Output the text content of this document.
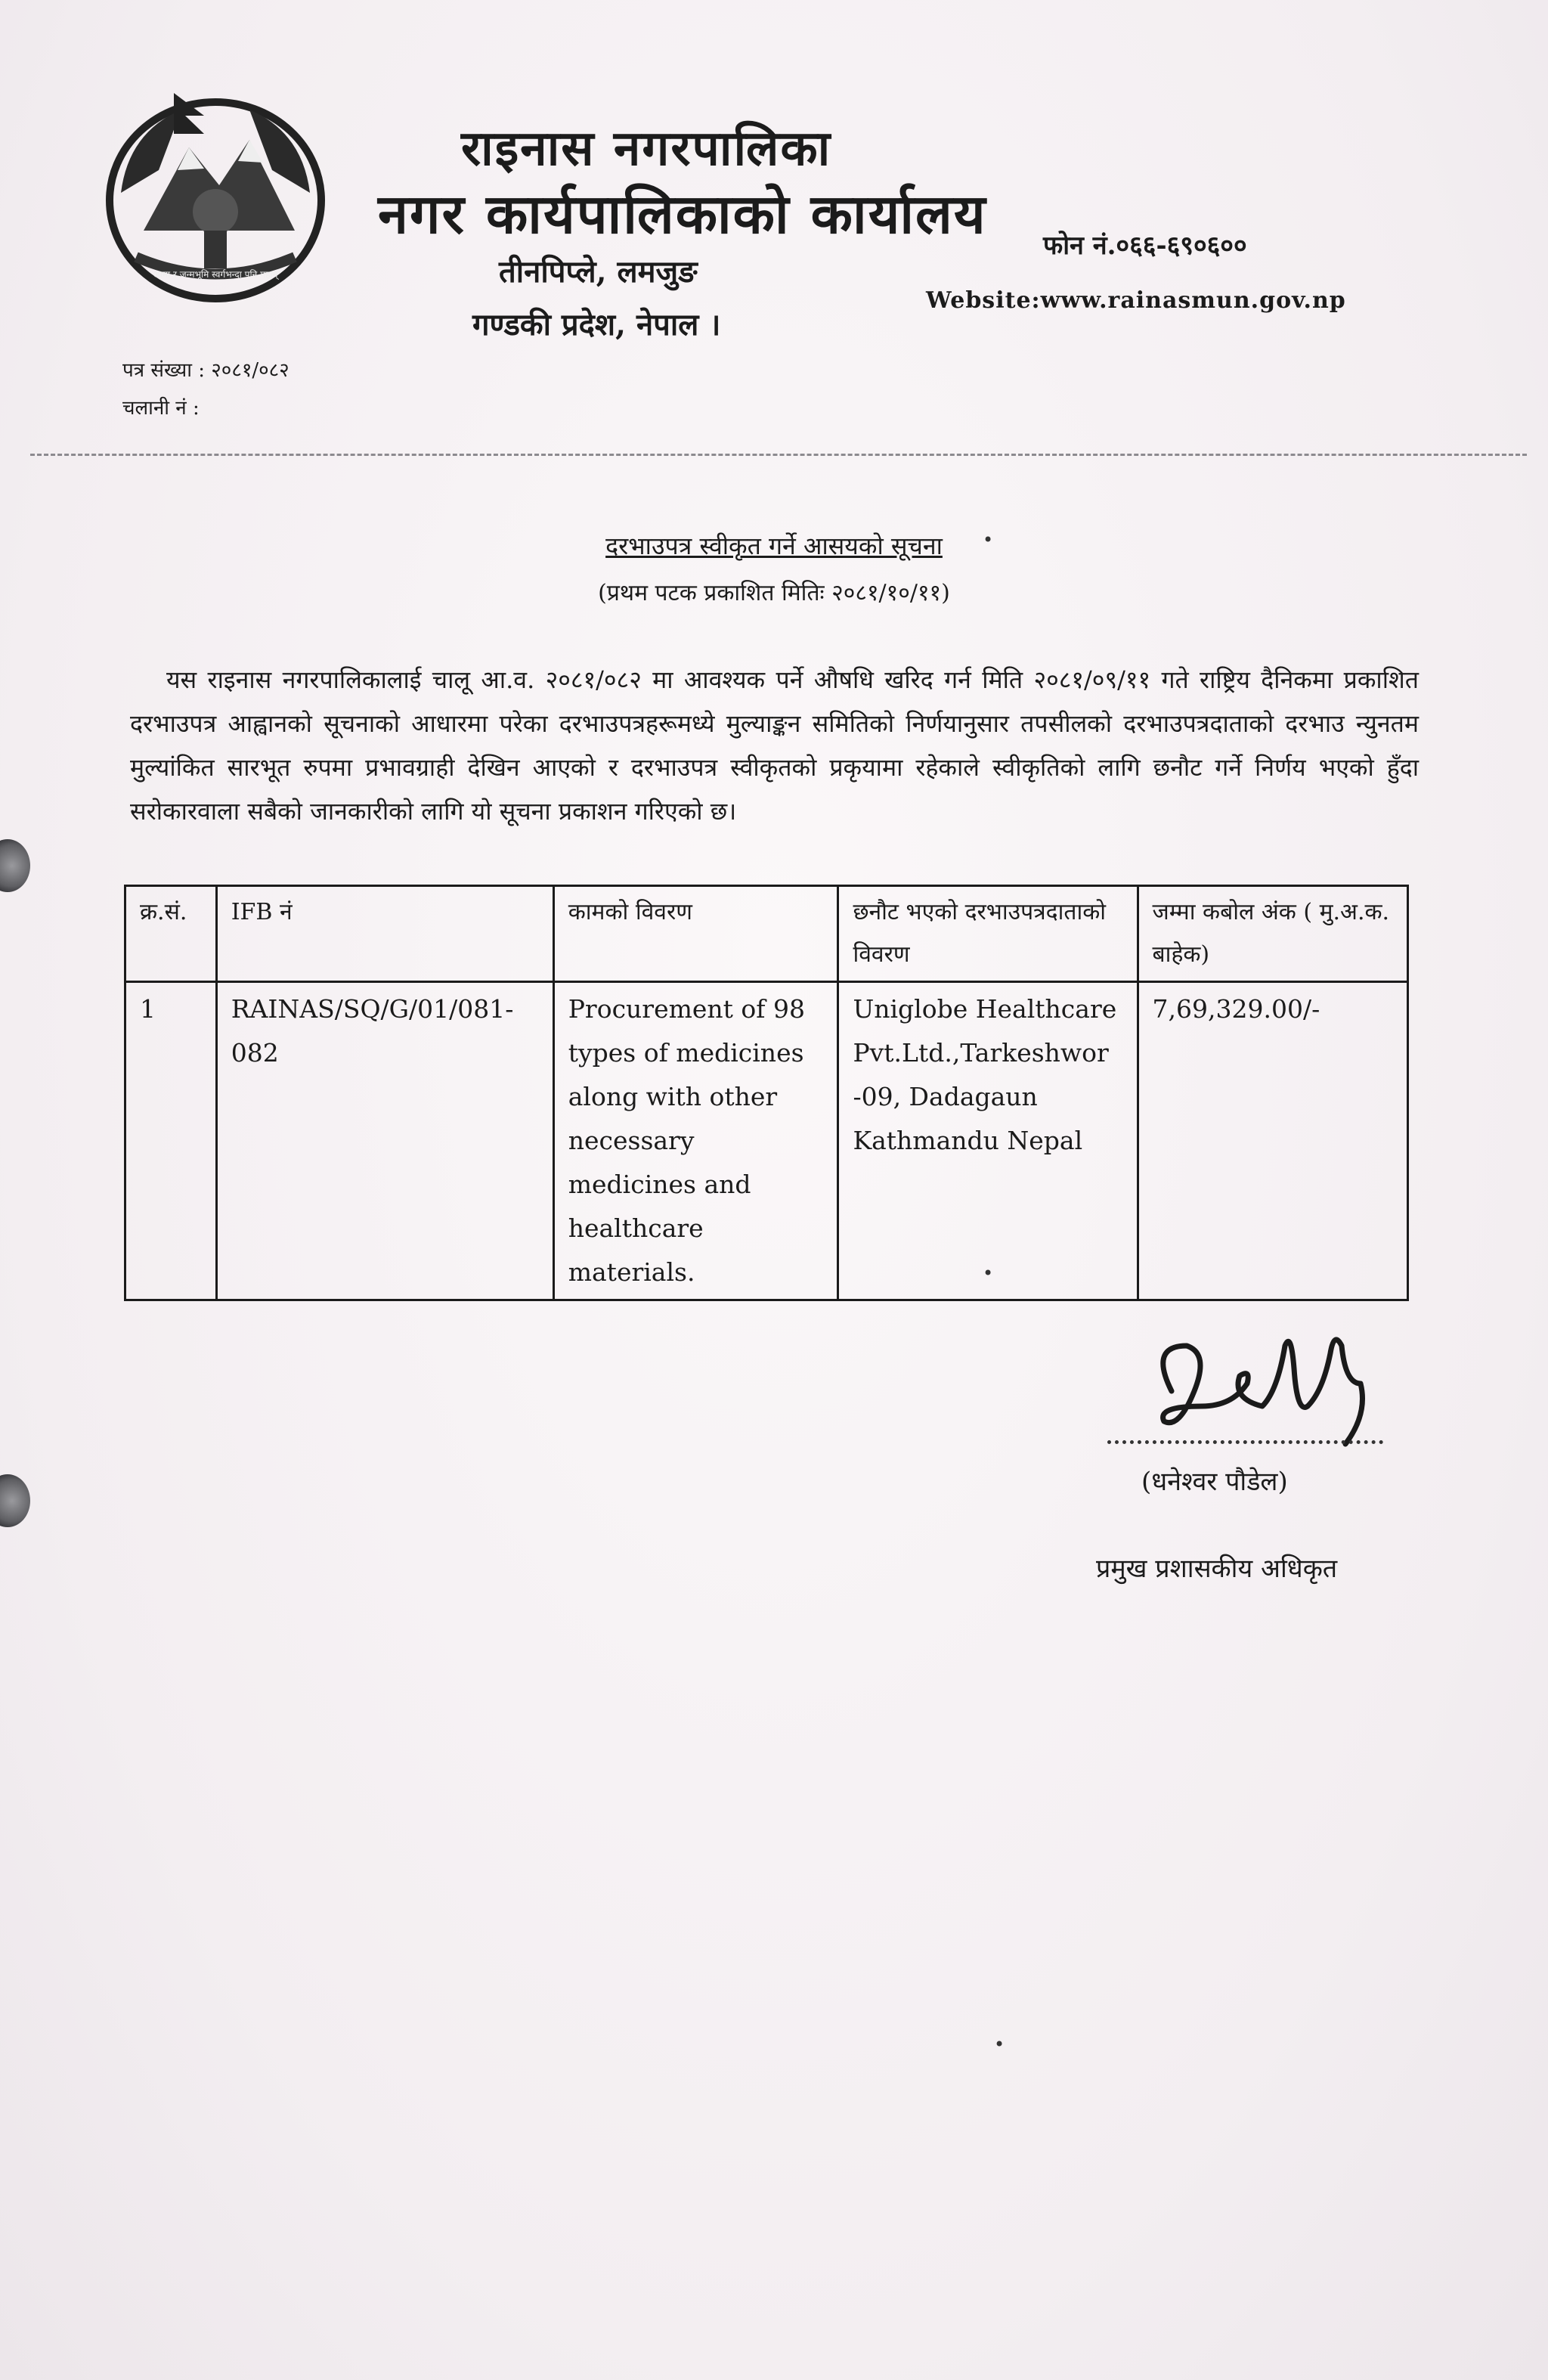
आमा र जन्मभूमि स्वर्गभन्दा पनि महान्
राइनास नगरपालिका
नगर कार्यपालिकाको कार्यालय
तीनपिप्ले, लमजुङ
गण्डकी प्रदेश, नेपाल ।
फोन नं.०६६-६९०६००
Website:www.rainasmun.gov.np
पत्र संख्या : २०८१/०८२
चलानी नं :
दरभाउपत्र स्वीकृत गर्ने आसयको सूचना
(प्रथम पटक प्रकाशित मितिः २०८१/१०/११)
यस राइनास नगरपालिकालाई चालू आ.व. २०८१/०८२ मा आवश्यक पर्ने औषधि खरिद गर्न मिति २०८१/०९/११ गते राष्ट्रिय दैनिकमा प्रकाशित दरभाउपत्र आह्वानको सूचनाको आधारमा परेका दरभाउपत्रहरूमध्ये मुल्याङ्कन समितिको निर्णयानुसार तपसीलको दरभाउपत्रदाताको दरभाउ न्युनतम मुल्यांकित सारभूत रुपमा प्रभावग्राही देखिन आएको र दरभाउपत्र स्वीकृतको प्रकृयामा रहेकाले स्वीकृतिको लागि छनौट गर्ने निर्णय भएको हुँदा सरोकारवाला सबैको जानकारीको लागि यो सूचना प्रकाशन गरिएको छ।
क्र.सं.	IFB नं	कामको विवरण	छनौट भएको दरभाउपत्रदाताको विवरण	जम्मा कबोल अंक ( मु.अ.क. बाहेक)
1	RAINAS/SQ/G/01/081-082	Procurement of 98 types of medicines along with other necessary medicines and healthcare materials.	Uniglobe Healthcare Pvt.Ltd.,Tarkeshwor -09, Dadagaun Kathmandu Nepal	7,69,329.00/-
(धनेश्वर पौडेल)
प्रमुख प्रशासकीय अधिकृत
•
•
•
